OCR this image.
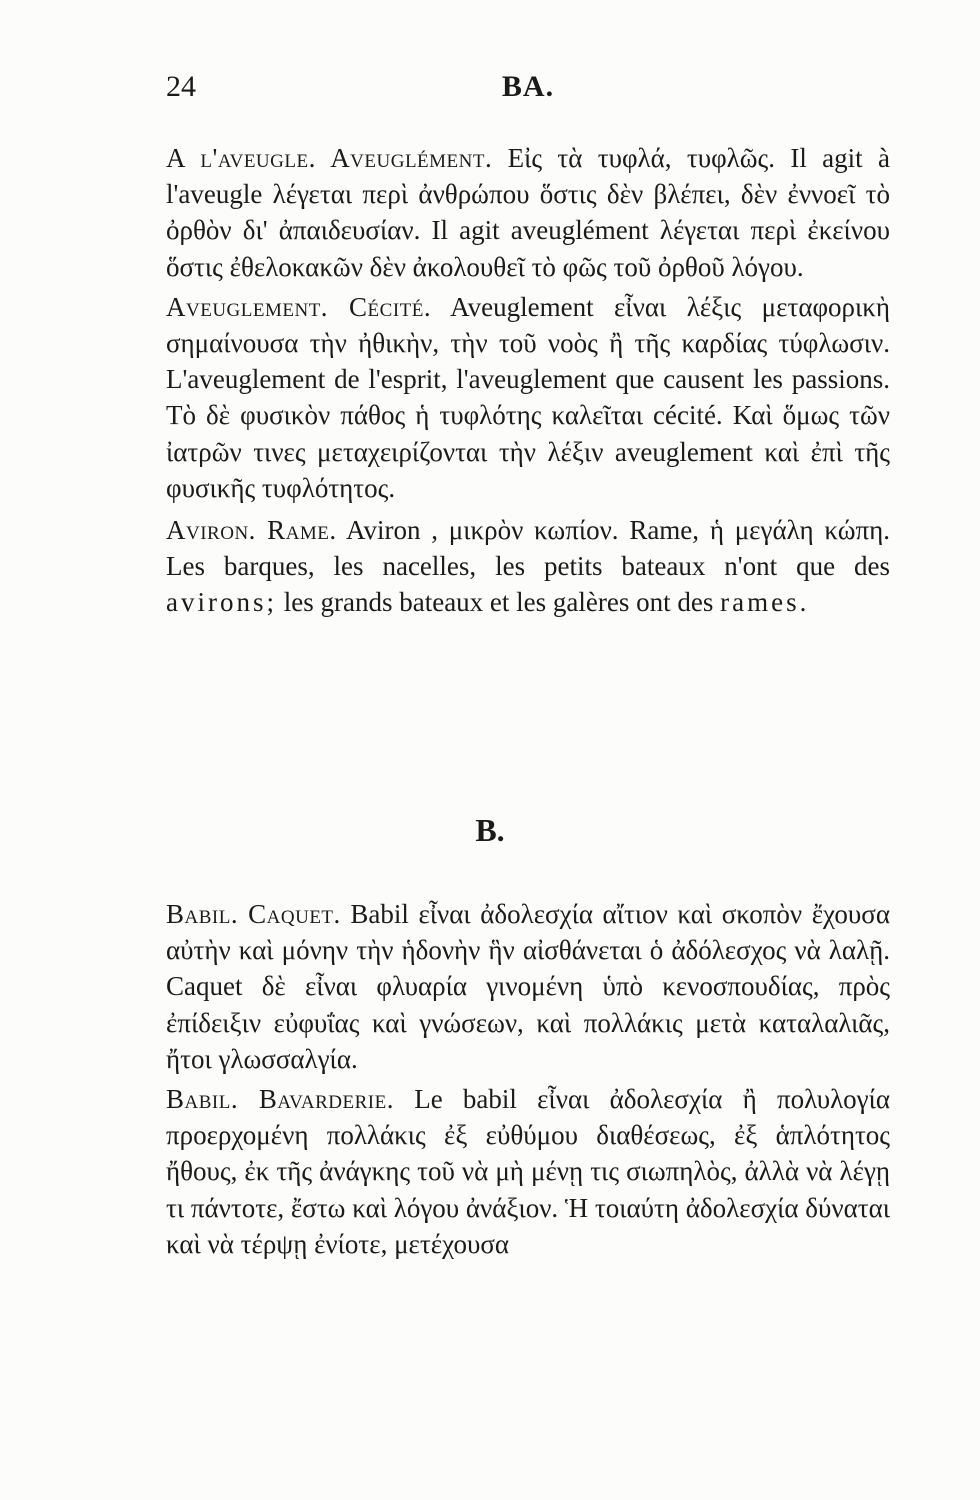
24	ΒΑ.

A l'aveugle. Aveuglément. Εἰς τὰ τυφλά, τυφλῶς. Il agit à l'aveugle λέγεται περὶ ἀνθρώπου ὅστις δὲν βλέπει, δὲν ἐννοεῖ τὸ ὀρθὸν δι' ἀπαιδευσίαν. Il agit aveuglément λέγεται περὶ ἐκείνου ὅστις ἐθελοκακῶν δὲν ἀκολουθεῖ τὸ φῶς τοῦ ὀρθοῦ λόγου.

Aveuglement. Cécité. Aveuglement εἶναι λέξις μεταφορικὴ σημαίνουσα τὴν ἠθικὴν, τὴν τοῦ νοὸς ἢ τῆς καρδίας τύφλωσιν. L'aveuglement de l'esprit, l'aveuglement que causent les passions. Τὸ δὲ φυσικὸν πάθος ἡ τυφλότης καλεῖται cécité. Καὶ ὅμως τῶν ἰατρῶν τινες μεταχειρίζονται τὴν λέξιν aveuglement καὶ ἐπὶ τῆς φυσικῆς τυφλότητος.

Aviron. Rame. Aviron , μικρὸν κωπίον. Rame, ἡ μεγάλη κώπη. Les barques, les nacelles, les petits bateaux n'ont que des avirons; les grands bateaux et les galères ont des rames.

Β.

Babil. Caquet. Babil εἶναι ἀδολεσχία αἴτιον καὶ σκοπὸν ἔχουσα αὐτὴν καὶ μόνην τὴν ἡδονὴν ἣν αἰσθάνεται ὁ ἀδόλεσχος νὰ λαλῇ. Caquet δὲ εἶναι φλυαρία γινομένη ὑπὸ κενοσπουδίας, πρὸς ἐπίδειξιν εὐφυΐας καὶ γνώσεων, καὶ πολλάκις μετὰ καταλαλιᾶς, ἤτοι γλωσσαλγία.

Babil. Bavarderie. Le babil εἶναι ἀδολεσχία ἢ πολυλογία προερχομένη πολλάκις ἐξ εὐθύμου διαθέσεως, ἐξ ἁπλότητος ἤθους, ἐκ τῆς ἀνάγκης τοῦ νὰ μὴ μένῃ τις σιωπηλὸς, ἀλλὰ νὰ λέγῃ τι πάντοτε, ἔστω καὶ λόγου ἀνάξιον. Ἡ τοιαύτη ἀδολεσχία δύναται καὶ νὰ τέρψῃ ἐνίοτε, μετέχουσα
